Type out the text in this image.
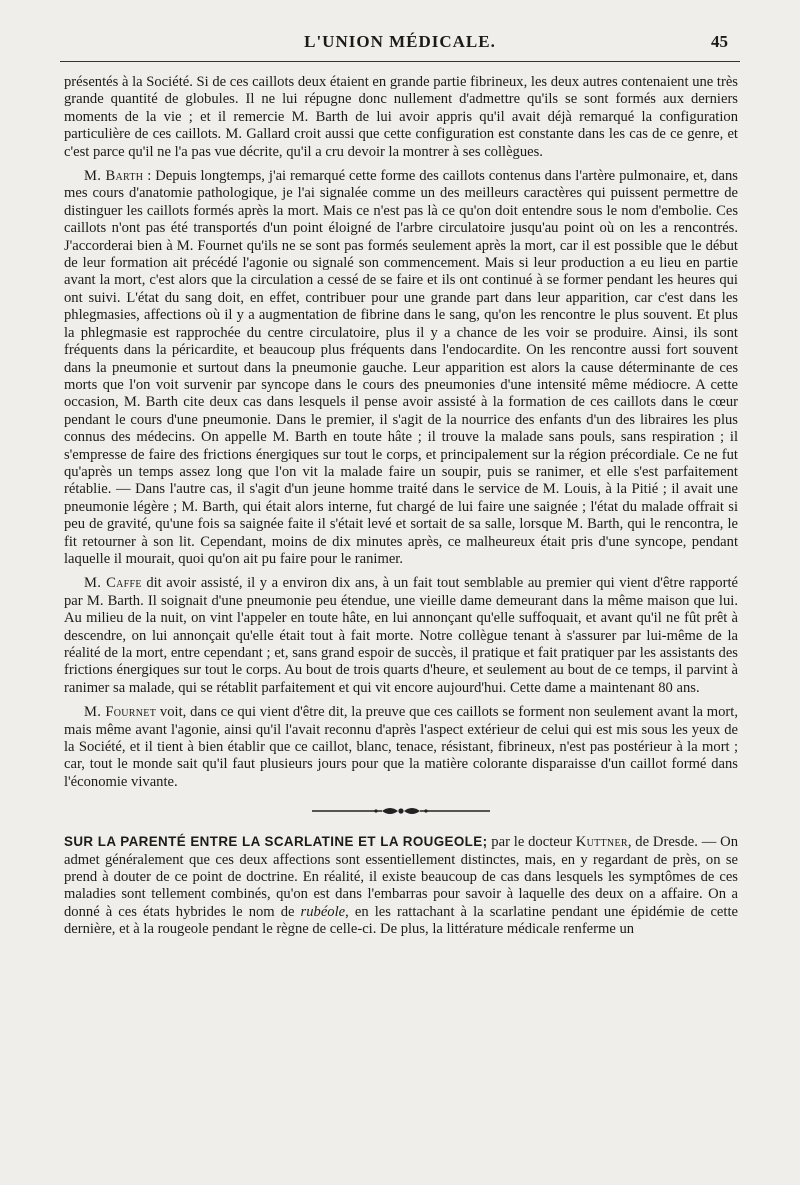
L'UNION MÉDICALE.	45

présentés à la Société. Si de ces caillots deux étaient en grande partie fibrineux, les deux autres contenaient une très grande quantité de globules. Il ne lui répugne donc nullement d'admettre qu'ils se sont formés aux derniers moments de la vie ; et il remercie M. Barth de lui avoir appris qu'il avait déjà remarqué la configuration particulière de ces caillots. M. Gallard croit aussi que cette configuration est constante dans les cas de ce genre, et c'est parce qu'il ne l'a pas vue décrite, qu'il a cru devoir la montrer à ses collègues.

M. Barth : Depuis longtemps, j'ai remarqué cette forme des caillots contenus dans l'artère pulmonaire, et, dans mes cours d'anatomie pathologique, je l'ai signalée comme un des meilleurs caractères qui puissent permettre de distinguer les caillots formés après la mort. Mais ce n'est pas là ce qu'on doit entendre sous le nom d'embolie. Ces caillots n'ont pas été transportés d'un point éloigné de l'arbre circulatoire jusqu'au point où on les a rencontrés. J'accorderai bien à M. Fournet qu'ils ne se sont pas formés seulement après la mort, car il est possible que le début de leur formation ait précédé l'agonie ou signalé son commencement. Mais si leur production a eu lieu en partie avant la mort, c'est alors que la circulation a cessé de se faire et ils ont continué à se former pendant les heures qui ont suivi. L'état du sang doit, en effet, contribuer pour une grande part dans leur apparition, car c'est dans les phlegmasies, affections où il y a augmentation de fibrine dans le sang, qu'on les rencontre le plus souvent. Et plus la phlegmasie est rapprochée du centre circulatoire, plus il y a chance de les voir se produire. Ainsi, ils sont fréquents dans la péricardite, et beaucoup plus fréquents dans l'endocardite. On les rencontre aussi fort souvent dans la pneumonie et surtout dans la pneumonie gauche. Leur apparition est alors la cause déterminante de ces morts que l'on voit survenir par syncope dans le cours des pneumonies d'une intensité même médiocre. A cette occasion, M. Barth cite deux cas dans lesquels il pense avoir assisté à la formation de ces caillots dans le cœur pendant le cours d'une pneumonie. Dans le premier, il s'agit de la nourrice des enfants d'un des libraires les plus connus des médecins. On appelle M. Barth en toute hâte ; il trouve la malade sans pouls, sans respiration ; il s'empresse de faire des frictions énergiques sur tout le corps, et principalement sur la région précordiale. Ce ne fut qu'après un temps assez long que l'on vit la malade faire un soupir, puis se ranimer, et elle s'est parfaitement rétablie. — Dans l'autre cas, il s'agit d'un jeune homme traité dans le service de M. Louis, à la Pitié ; il avait une pneumonie légère ; M. Barth, qui était alors interne, fut chargé de lui faire une saignée ; l'état du malade offrait si peu de gravité, qu'une fois sa saignée faite il s'était levé et sortait de sa salle, lorsque M. Barth, qui le rencontra, le fit retourner à son lit. Cependant, moins de dix minutes après, ce malheureux était pris d'une syncope, pendant laquelle il mourait, quoi qu'on ait pu faire pour le ranimer.

M. Caffe dit avoir assisté, il y a environ dix ans, à un fait tout semblable au premier qui vient d'être rapporté par M. Barth. Il soignait d'une pneumonie peu étendue, une vieille dame demeurant dans la même maison que lui. Au milieu de la nuit, on vint l'appeler en toute hâte, en lui annonçant qu'elle suffoquait, et avant qu'il ne fût prêt à descendre, on lui annonçait qu'elle était tout à fait morte. Notre collègue tenant à s'assurer par lui-même de la réalité de la mort, entre cependant ; et, sans grand espoir de succès, il pratique et fait pratiquer par les assistants des frictions énergiques sur tout le corps. Au bout de trois quarts d'heure, et seulement au bout de ce temps, il parvint à ranimer sa malade, qui se rétablit parfaitement et qui vit encore aujourd'hui. Cette dame a maintenant 80 ans.

M. Fournet voit, dans ce qui vient d'être dit, la preuve que ces caillots se forment non seulement avant la mort, mais même avant l'agonie, ainsi qu'il l'avait reconnu d'après l'aspect extérieur de celui qui est mis sous les yeux de la Société, et il tient à bien établir que ce caillot, blanc, tenace, résistant, fibrineux, n'est pas postérieur à la mort ; car, tout le monde sait qu'il faut plusieurs jours pour que la matière colorante disparaisse d'un caillot formé dans l'économie vivante.

SUR LA PARENTÉ ENTRE LA SCARLATINE ET LA ROUGEOLE; par le docteur Kuttner, de Dresde. — On admet généralement que ces deux affections sont essentiellement distinctes, mais, en y regardant de près, on se prend à douter de ce point de doctrine. En réalité, il existe beaucoup de cas dans lesquels les symptômes de ces maladies sont tellement combinés, qu'on est dans l'embarras pour savoir à laquelle des deux on a affaire. On a donné à ces états hybrides le nom de rubéole, en les rattachant à la scarlatine pendant une épidémie de cette dernière, et à la rougeole pendant le règne de celle-ci. De plus, la littérature médicale renferme un
